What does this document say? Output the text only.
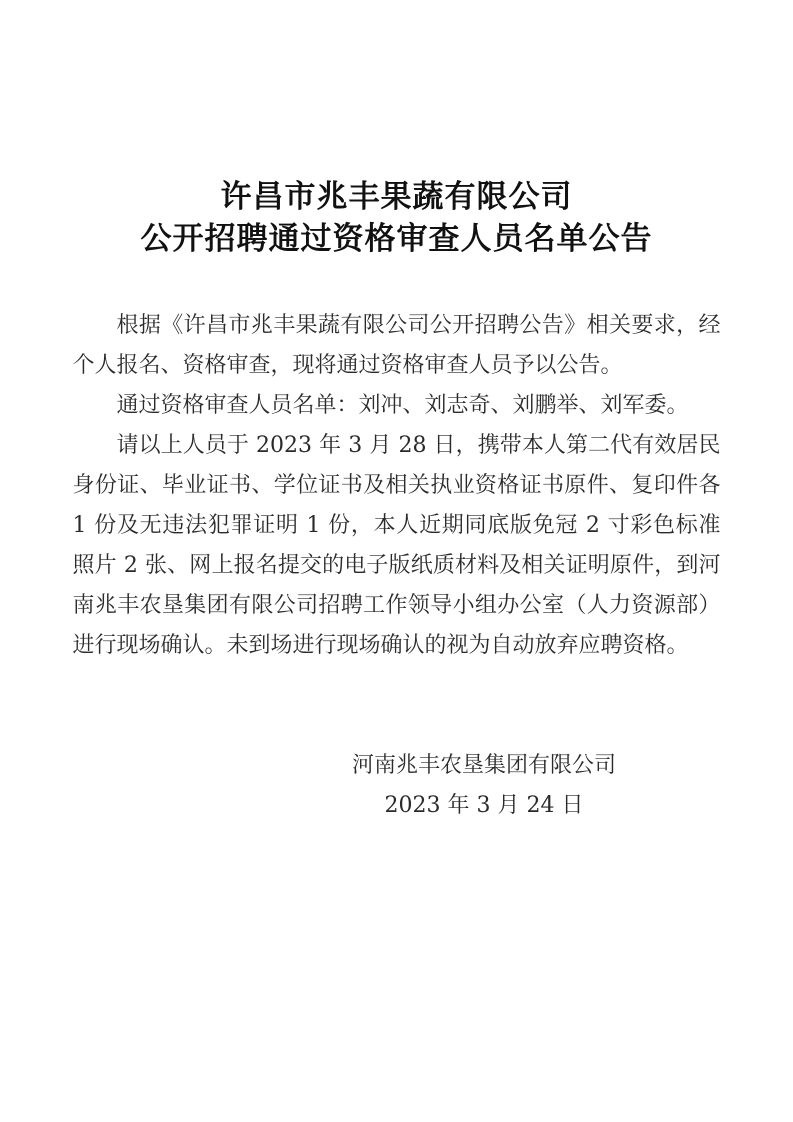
许昌市兆丰果蔬有限公司
公开招聘通过资格审查人员名单公告

根据《许昌市兆丰果蔬有限公司公开招聘公告》相关要求，经个人报名、资格审查，现将通过资格审查人员予以公告。

通过资格审查人员名单：刘冲、刘志奇、刘鹏举、刘军委。

请以上人员于 2023 年 3 月 28 日，携带本人第二代有效居民身份证、毕业证书、学位证书及相关执业资格证书原件、复印件各 1 份及无违法犯罪证明 1 份，本人近期同底版免冠 2 寸彩色标准照片 2 张、网上报名提交的电子版纸质材料及相关证明原件，到河南兆丰农垦集团有限公司招聘工作领导小组办公室（人力资源部）进行现场确认。未到场进行现场确认的视为自动放弃应聘资格。

河南兆丰农垦集团有限公司
2023 年 3 月 24 日
